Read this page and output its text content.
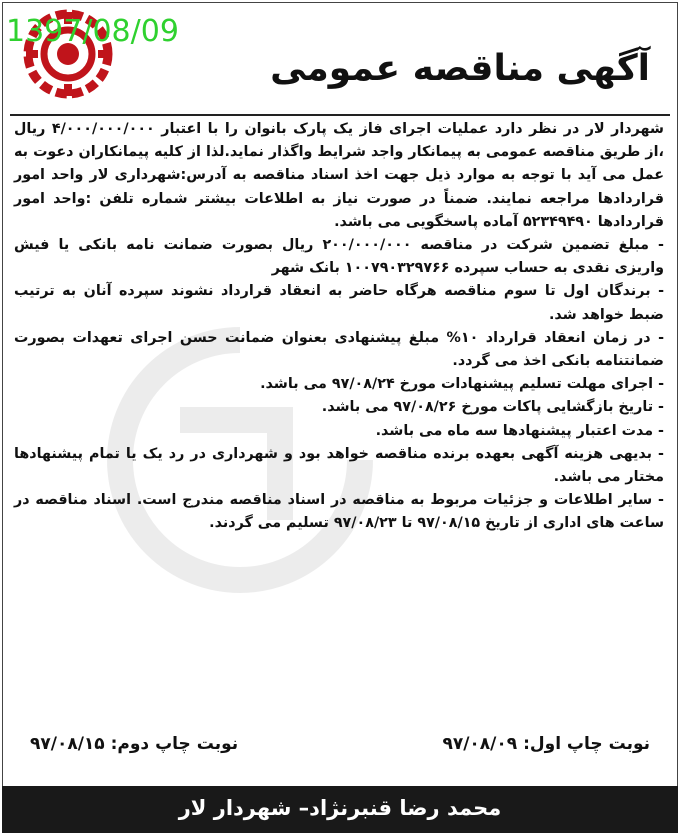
1397/08/09
آگهی مناقصه عمومی

شهردار لار در نظر دارد عملیات اجرای فاز یک پارک بانوان را با اعتبار ۴/۰۰۰/۰۰۰/۰۰۰ ریال ،از طریق مناقصه عمومی به پیمانکار واجد شرایط واگذار نماید.لذا از کلیه پیمانکاران دعوت به عمل می آید با توجه به موارد ذیل جهت اخذ اسناد مناقصه به آدرس:شهرداری لار واحد امور قراردادها مراجعه نمایند. ضمناً در صورت نیاز به اطلاعات بیشتر شماره تلفن :واحد امور قراردادها ۵۲۳۴۹۴۹۰ آماده پاسخگویی می باشد.

- مبلغ تضمین شرکت در مناقصه ۲۰۰/۰۰۰/۰۰۰ ریال بصورت ضمانت نامه بانکی یا فیش واریزی نقدی به حساب سپرده ۱۰۰۷۹۰۳۲۹۷۶۶ بانک شهر

- برندگان اول تا سوم مناقصه هرگاه حاضر به انعقاد قرارداد نشوند سپرده آنان به ترتیب ضبط خواهد شد.

- در زمان انعقاد قرارداد ۱۰% مبلغ پیشنهادی بعنوان ضمانت حسن اجرای تعهدات بصورت ضمانتنامه بانکی اخذ می گردد.

- اجرای مهلت تسلیم پیشنهادات مورخ ۹۷/۰۸/۲۴ می باشد.

- تاریخ بازگشایی پاکات مورخ ۹۷/۰۸/۲۶ می باشد.

- مدت اعتبار پیشنهادها سه ماه می باشد.

- بدیهی هزینه آگهی بعهده برنده مناقصه خواهد بود و شهرداری در رد یک یا تمام پیشنهادها مختار می باشد.

- سایر اطلاعات و جزئیات مربوط به مناقصه در اسناد مناقصه مندرج است. اسناد مناقصه در ساعت های اداری از تاریخ ۹۷/۰۸/۱۵ تا ۹۷/۰۸/۲۳ تسلیم می گردند.

نوبت چاپ اول: ۹۷/۰۸/۰۹
نوبت چاپ دوم: ۹۷/۰۸/۱۵
محمد رضا قنبرنژاد– شهردار لار
